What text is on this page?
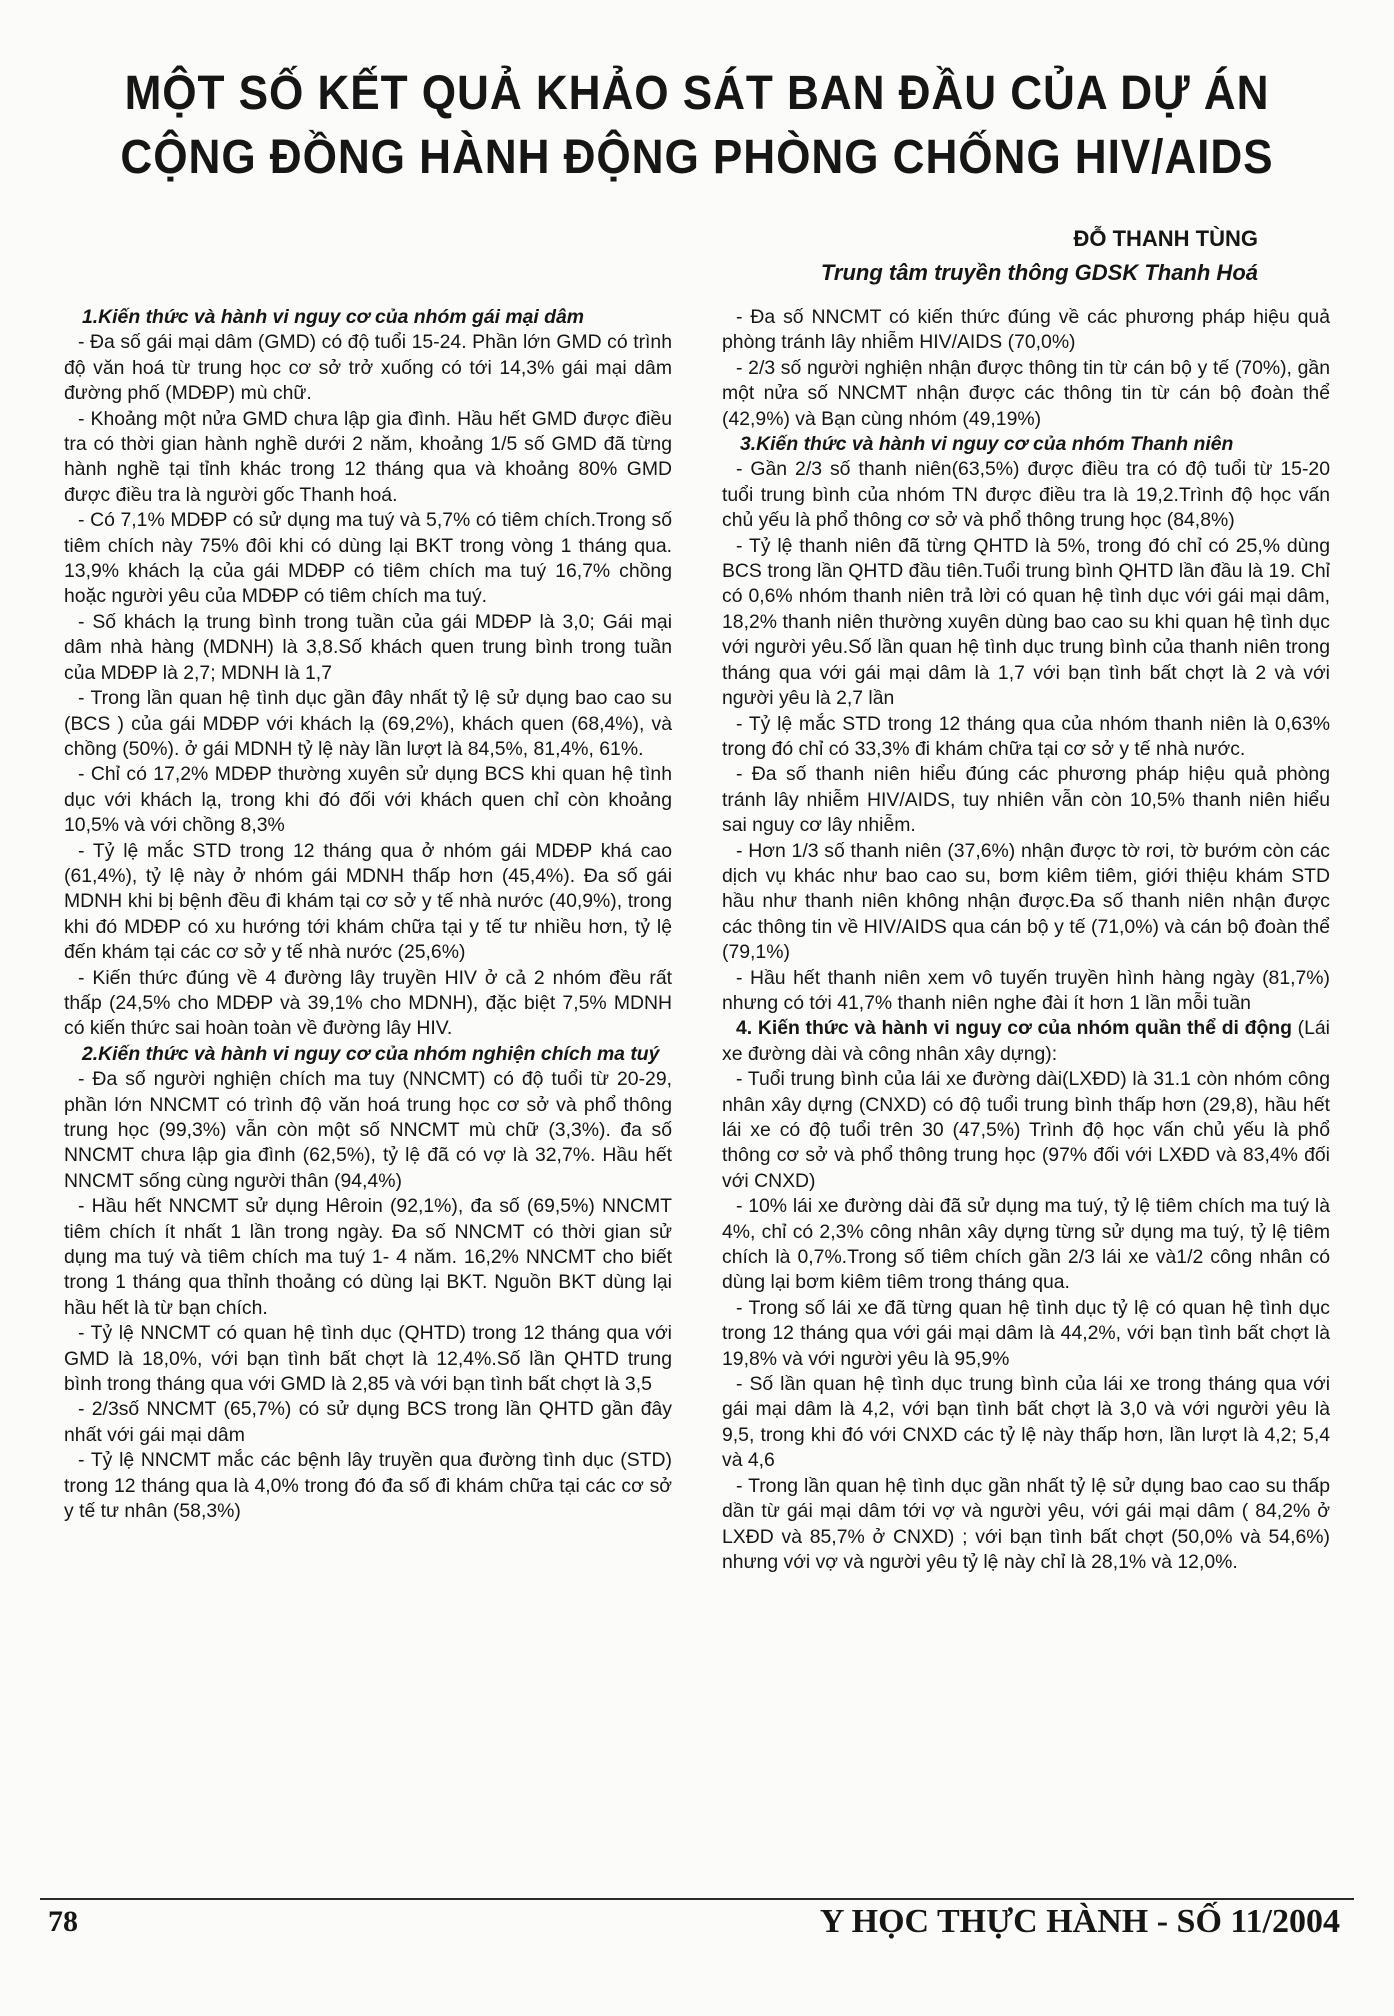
MỘT SỐ KẾT QUẢ KHẢO SÁT BAN ĐẦU CỦA DỰ ÁN
CỘNG ĐỒNG HÀNH ĐỘNG PHÒNG CHỐNG HIV/AIDS
ĐỖ THANH TÙNG
Trung tâm truyền thông GDSK Thanh Hoá

1.Kiến thức và hành vi nguy cơ của nhóm gái mại dâm

- Đa số gái mại dâm (GMD) có độ tuổi 15-24. Phần lớn GMD có trình độ văn hoá từ trung học cơ sở trở xuống có tới 14,3% gái mại dâm đường phố (MDĐP) mù chữ.

- Khoảng một nửa GMD chưa lập gia đình. Hầu hết GMD được điều tra có thời gian hành nghề dưới 2 năm, khoảng 1/5 số GMD đã từng hành nghề tại tỉnh khác trong 12 tháng qua và khoảng 80% GMD được điều tra là người gốc Thanh hoá.

- Có 7,1% MDĐP có sử dụng ma tuý và 5,7% có tiêm chích.Trong số tiêm chích này 75% đôi khi có dùng lại BKT trong vòng 1 tháng qua. 13,9% khách lạ của gái MDĐP có tiêm chích ma tuý 16,7% chồng hoặc người yêu của MDĐP có tiêm chích ma tuý.

- Số khách lạ trung bình trong tuần của gái MDĐP là 3,0; Gái mại dâm nhà hàng (MDNH) là 3,8.Số khách quen trung bình trong tuần của MDĐP là 2,7; MDNH là 1,7

- Trong lần quan hệ tình dục gần đây nhất tỷ lệ sử dụng bao cao su (BCS ) của gái MDĐP với khách lạ (69,2%), khách quen (68,4%), và chồng (50%). ở gái MDNH tỷ lệ này lần lượt là 84,5%, 81,4%, 61%.

- Chỉ có 17,2% MDĐP thường xuyên sử dụng BCS khi quan hệ tình dục với khách lạ, trong khi đó đối với khách quen chỉ còn khoảng 10,5% và với chồng 8,3%

- Tỷ lệ mắc STD trong 12 tháng qua ở nhóm gái MDĐP khá cao (61,4%), tỷ lệ này ở nhóm gái MDNH thấp hơn (45,4%). Đa số gái MDNH khi bị bệnh đều đi khám tại cơ sở y tế nhà nước (40,9%), trong khi đó MDĐP có xu hướng tới khám chữa tại y tế tư nhiều hơn, tỷ lệ đến khám tại các cơ sở y tế nhà nước (25,6%)

- Kiến thức đúng về 4 đường lây truyền HIV ở cả 2 nhóm đều rất thấp (24,5% cho MDĐP và 39,1% cho MDNH), đặc biệt 7,5% MDNH có kiến thức sai hoàn toàn về đường lây HIV.

2.Kiến thức và hành vi nguy cơ của nhóm nghiện chích ma tuý

- Đa số người nghiện chích ma tuy (NNCMT) có độ tuổi từ 20-29, phần lớn NNCMT có trình độ văn hoá trung học cơ sở và phổ thông trung học (99,3%) vẫn còn một số NNCMT mù chữ (3,3%). đa số NNCMT chưa lập gia đình (62,5%), tỷ lệ đã có vợ là 32,7%. Hầu hết NNCMT sống cùng người thân (94,4%)

- Hầu hết NNCMT sử dụng Hêroin (92,1%), đa số (69,5%) NNCMT tiêm chích ít nhất 1 lần trong ngày. Đa số NNCMT có thời gian sử dụng ma tuý và tiêm chích ma tuý 1- 4 năm. 16,2% NNCMT cho biết trong 1 tháng qua thỉnh thoảng có dùng lại BKT. Nguồn BKT dùng lại hầu hết là từ bạn chích.

- Tỷ lệ NNCMT có quan hệ tình dục (QHTD) trong 12 tháng qua với GMD là 18,0%, với bạn tình bất chợt là 12,4%.Số lần QHTD trung bình trong tháng qua với GMD là 2,85 và với bạn tình bất chợt là 3,5

- 2/3số NNCMT (65,7%) có sử dụng BCS trong lần QHTD gần đây nhất với gái mại dâm

- Tỷ lệ NNCMT mắc các bệnh lây truyền qua đường tình dục (STD) trong 12 tháng qua là 4,0% trong đó đa số đi khám chữa tại các cơ sở y tế tư nhân (58,3%)

- Đa số NNCMT có kiến thức đúng về các phương pháp hiệu quả phòng tránh lây nhiễm HIV/AIDS (70,0%)

- 2/3 số người nghiện nhận được thông tin từ cán bộ y tế (70%), gần một nửa số NNCMT nhận được các thông tin từ cán bộ đoàn thể (42,9%) và Bạn cùng nhóm (49,19%)

3.Kiến thức và hành vi nguy cơ của nhóm Thanh niên

- Gần 2/3 số thanh niên(63,5%) được điều tra có độ tuổi từ 15-20 tuổi trung bình của nhóm TN được điều tra là 19,2.Trình độ học vấn chủ yếu là phổ thông cơ sở và phổ thông trung học (84,8%)

- Tỷ lệ thanh niên đã từng QHTD là 5%, trong đó chỉ có 25,% dùng BCS trong lần QHTD đầu tiên.Tuổi trung bình QHTD lần đầu là 19. Chỉ có 0,6% nhóm thanh niên trả lời có quan hệ tình dục với gái mại dâm, 18,2% thanh niên thường xuyên dùng bao cao su khi quan hệ tình dục với người yêu.Số lần quan hệ tình dục trung bình của thanh niên trong tháng qua với gái mại dâm là 1,7 với bạn tình bất chợt là 2 và với người yêu là 2,7 lần

- Tỷ lệ mắc STD trong 12 tháng qua của nhóm thanh niên là 0,63% trong đó chỉ có 33,3% đi khám chữa tại cơ sở y tế nhà nước.

- Đa số thanh niên hiểu đúng các phương pháp hiệu quả phòng tránh lây nhiễm HIV/AIDS, tuy nhiên vẫn còn 10,5% thanh niên hiểu sai nguy cơ lây nhiễm.

- Hơn 1/3 số thanh niên (37,6%) nhận được tờ rơi, tờ bướm còn các dịch vụ khác như bao cao su, bơm kiêm tiêm, giới thiệu khám STD hầu như thanh niên không nhận được.Đa số thanh niên nhận được các thông tin về HIV/AIDS qua cán bộ y tế (71,0%) và cán bộ đoàn thể (79,1%)

- Hầu hết thanh niên xem vô tuyến truyền hình hàng ngày (81,7%) nhưng có tới 41,7% thanh niên nghe đài ít hơn 1 lần mỗi tuần

4. Kiến thức và hành vi nguy cơ của nhóm quần thể di động (Lái xe đường dài và công nhân xây dựng):

- Tuổi trung bình của lái xe đường dài(LXĐD) là 31.1 còn nhóm công nhân xây dựng (CNXD) có độ tuổi trung bình thấp hơn (29,8), hầu hết lái xe có độ tuổi trên 30 (47,5%) Trình độ học vấn chủ yếu là phổ thông cơ sở và phổ thông trung học (97% đối với LXĐD và 83,4% đối với CNXD)

- 10% lái xe đường dài đã sử dụng ma tuý, tỷ lệ tiêm chích ma tuý là 4%, chỉ có 2,3% công nhân xây dựng từng sử dụng ma tuý, tỷ lệ tiêm chích là 0,7%.Trong số tiêm chích gần 2/3 lái xe và1/2 công nhân có dùng lại bơm kiêm tiêm trong tháng qua.

- Trong số lái xe đã từng quan hệ tình dục tỷ lệ có quan hệ tình dục trong 12 tháng qua với gái mại dâm là 44,2%, với bạn tình bất chợt là 19,8% và với người yêu là 95,9%

- Số lần quan hệ tình dục trung bình của lái xe trong tháng qua với gái mại dâm là 4,2, với bạn tình bất chợt là 3,0 và với người yêu là 9,5, trong khi đó với CNXD các tỷ lệ này thấp hơn, lần lượt là 4,2; 5,4 và 4,6

- Trong lần quan hệ tình dục gần nhất tỷ lệ sử dụng bao cao su thấp dần từ gái mại dâm tới vợ và người yêu, với gái mại dâm ( 84,2% ở LXĐD và 85,7% ở CNXD) ; với bạn tình bất chợt (50,0% và 54,6%) nhưng với vợ và người yêu tỷ lệ này chỉ là 28,1% và 12,0%.

78	Y HỌC THỰC HÀNH - SỐ 11/2004
